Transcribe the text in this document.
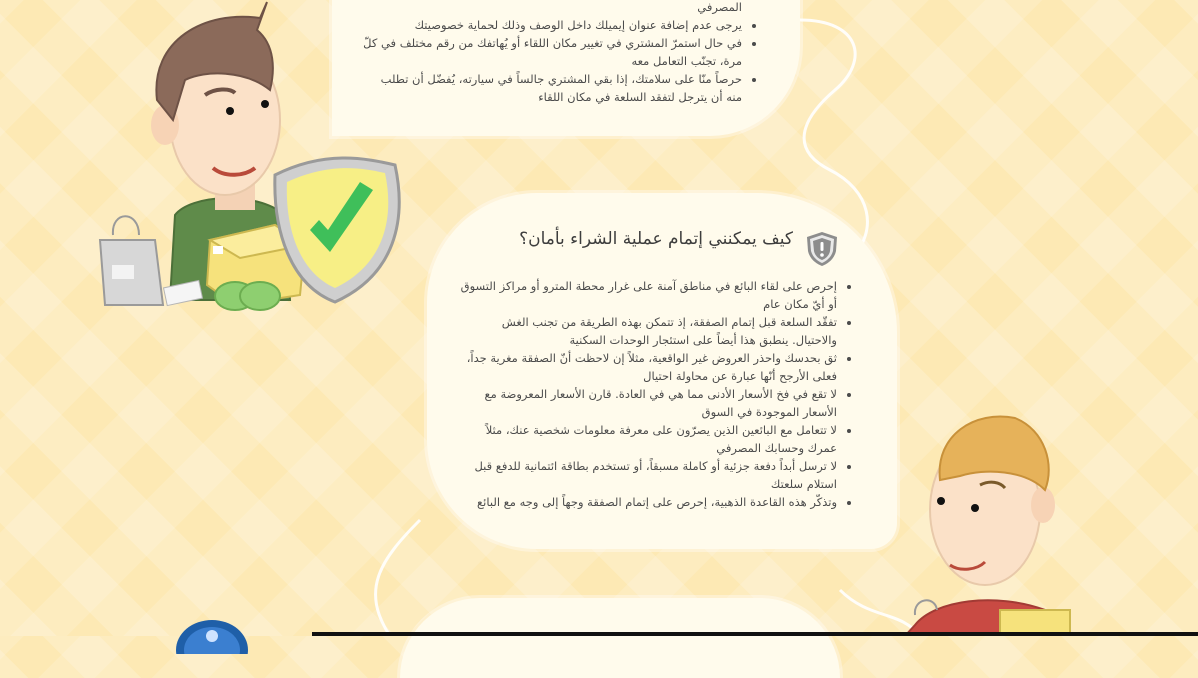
• المصرفي
• يرجى عدم إضافة عنوان إيميلك داخل الوصف وذلك لحماية خصوصيتك
• في حال استمرّ المشتري في تغيير مكان اللقاء أو يُهاتفك من رقم مختلف في كلّ مرة، تجنّب التعامل معه
• حرصاً منّا على سلامتك، إذا بقي المشتري جالساً في سيارته، يُفضّل أن تطلب منه أن يترجل لتفقد السلعة في مكان اللقاء
كيف يمكنني إتمام عملية الشراء بأمان؟
• إحرص على لقاء البائع في مناطق آمنة على غرار محطة المترو أو مراكز التسوق أو أيّ مكان عام
• تفقّد السلعة قبل إتمام الصفقة، إذ تتمكن بهذه الطريقة من تجنب الغش والاحتيال. ينطبق هذا أيضاً على استئجار الوحدات السكنية
• ثق بحدسك واحذر العروض غير الواقعية، مثلاً إن لاحظت أنّ الصفقة مغرية جداً، فعلى الأرجح أنّها عبارة عن محاولة احتيال
• لا تقع في فخ الأسعار الأدنى مما هي في العادة. قارن الأسعار المعروضة مع الأسعار الموجودة في السوق
• لا تتعامل مع البائعين الذين يصرّون على معرفة معلومات شخصية عنك، مثلاً عمرك وحسابك المصرفي
• لا ترسل أبداً دفعة جزئية أو كاملة مسبقاً، أو تستخدم بطاقة ائتمانية للدفع قبل استلام سلعتك
• وتذكّر هذه القاعدة الذهبية، إحرص على إتمام الصفقة وجهاً إلى وجه مع البائع
